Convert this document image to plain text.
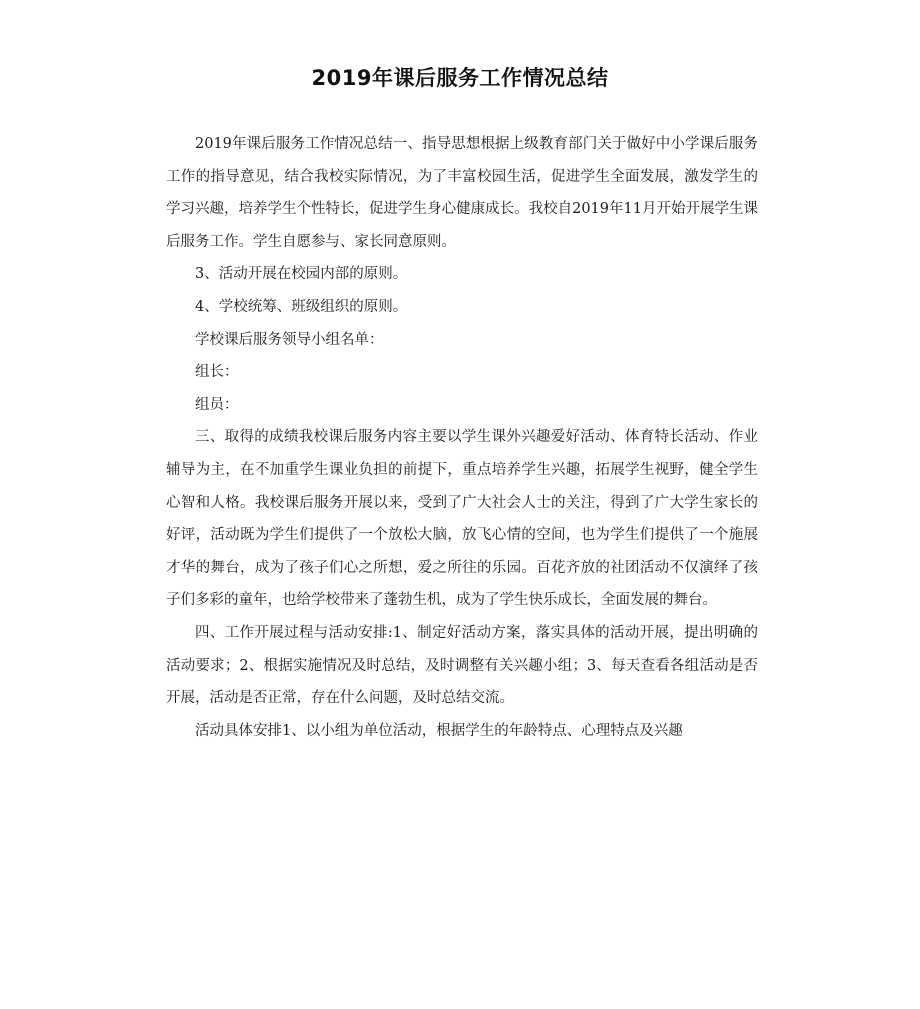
2019年课后服务工作情况总结

2019年课后服务工作情况总结一、指导思想根据上级教育部门关于做好中小学课后服务工作的指导意见，结合我校实际情况，为了丰富校园生活，促进学生全面发展，激发学生的学习兴趣，培养学生个性特长，促进学生身心健康成长。我校自2019年11月开始开展学生课后服务工作。学生自愿参与、家长同意原则。

3、活动开展在校园内部的原则。

4、学校统筹、班级组织的原则。

学校课后服务领导小组名单：

组长：

组员：

三、取得的成绩我校课后服务内容主要以学生课外兴趣爱好活动、体育特长活动、作业辅导为主，在不加重学生课业负担的前提下，重点培养学生兴趣，拓展学生视野，健全学生心智和人格。我校课后服务开展以来，受到了广大社会人士的关注，得到了广大学生家长的好评，活动既为学生们提供了一个放松大脑，放飞心情的空间，也为学生们提供了一个施展才华的舞台，成为了孩子们心之所想，爱之所往的乐园。百花齐放的社团活动不仅演绎了孩子们多彩的童年，也给学校带来了蓬勃生机，成为了学生快乐成长，全面发展的舞台。

四、工作开展过程与活动安排:1、制定好活动方案，落实具体的活动开展，提出明确的活动要求；2、根据实施情况及时总结，及时调整有关兴趣小组；3、每天查看各组活动是否开展，活动是否正常，存在什么问题，及时总结交流。

活动具体安排1、以小组为单位活动，根据学生的年龄特点、心理特点及兴趣
